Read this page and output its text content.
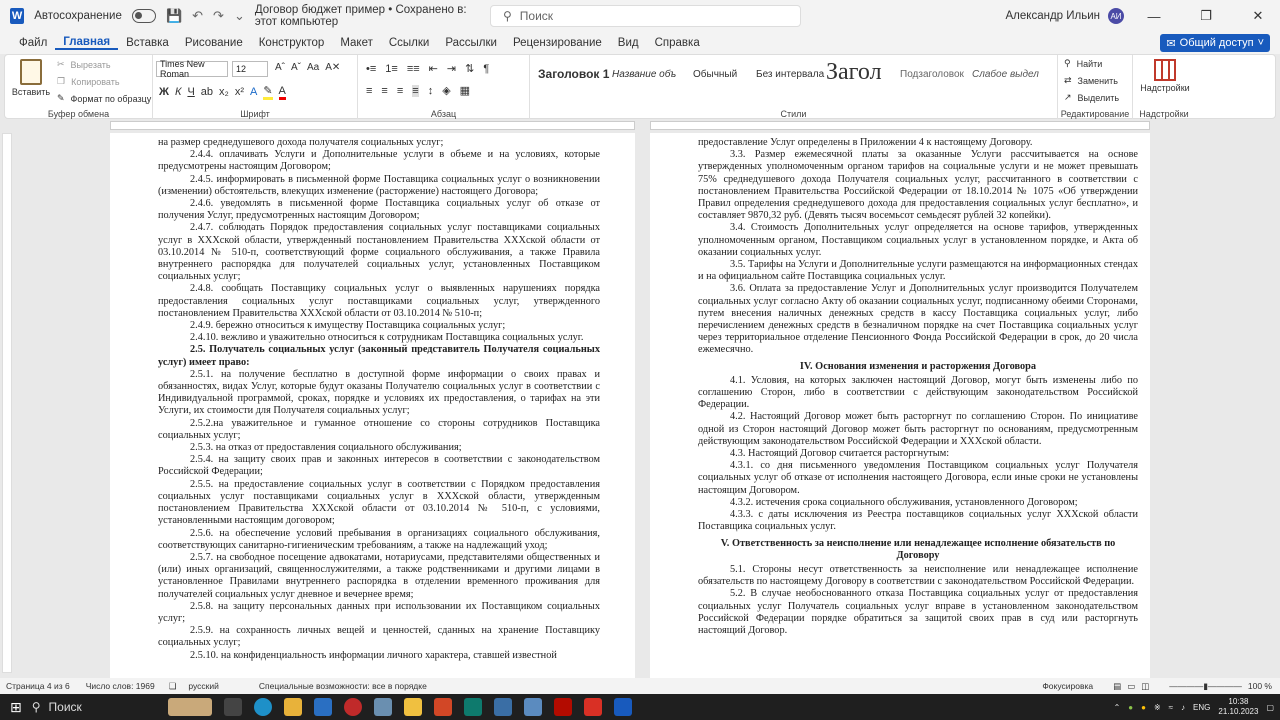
W Автосохранение	💾 ↶ ↷ ⌄ Договор бюджет пример • Сохранено в: этот компьютер	⚲ Поиск	Александр Ильин	АИ	—	❐	✕
Файл	Главная	Вставка	Рисование	Конструктор	Макет	Ссылки	Рассылки	Рецензирование	Вид	Справка	✉ Общий доступ ˅
Вставить
✂ Вырезать
❐ Копировать
✎ Формат по образцу
Буфер обмена
Times New Roman	12	Aˆ Aˇ Aa A✕
Ж К Ч ab x₂ x² A ✎ A
Шрифт
•≡ 1≡ ≡≡ ⇤ ⇥ ⇅ ¶
≡ ≡ ≡ ≡ ↕ ◈ ▦
Абзац
Заголовок 1 Название объ Обычный Без интервала Загол Подзаголовок Слабое выдел
Стили
⚲ Найти
⇄ Заменить
↗ Выделить
Редактирование
Надстройки
Надстройки

на размер среднедушевого дохода получателя социальных услуг;

2.4.4. оплачивать Услуги и Дополнительные услуги в объеме и на условиях, которые предусмотрены настоящим Договором;

2.4.5. информировать в письменной форме Поставщика социальных услуг о возникновении (изменении) обстоятельств, влекущих изменение (расторжение) настоящего Договора;

2.4.6. уведомлять в письменной форме Поставщика социальных услуг об отказе от получения Услуг, предусмотренных настоящим Договором;

2.4.7. соблюдать Порядок предоставления социальных услуг поставщиками социальных услуг в ХХХской области, утвержденный постановлением Правительства ХХХской области от 03.10.2014 № 510-п, соответствующий форме социального обслуживания, а также Правила внутреннего распорядка для получателей социальных услуг, установленных Поставщиком социальных услуг;

2.4.8. сообщать Поставщику социальных услуг о выявленных нарушениях порядка предоставления социальных услуг поставщиками социальных услуг, утвержденного постановлением Правительства ХХХской области от 03.10.2014 № 510-п;

2.4.9. бережно относиться к имуществу Поставщика социальных услуг;

2.4.10. вежливо и уважительно относиться к сотрудникам Поставщика социальных услуг.

2.5. Получатель социальных услуг (законный представитель Получателя социальных услуг) имеет право:

2.5.1. на получение бесплатно в доступной форме информации о своих правах и обязанностях, видах Услуг, которые будут оказаны Получателю социальных услуг в соответствии с Индивидуальной программой, сроках, порядке и условиях их предоставления, о тарифах на эти Услуги, их стоимости для Получателя социальных услуг;

2.5.2.на уважительное и гуманное отношение со стороны сотрудников Поставщика социальных услуг;

2.5.3. на отказ от предоставления социального обслуживания;

2.5.4. на защиту своих прав и законных интересов в соответствии с законодательством Российской Федерации;

2.5.5. на предоставление социальных услуг в соответствии с Порядком предоставления социальных услуг поставщиками социальных услуг в ХХХской области, утвержденным постановлением Правительства ХХХской области от 03.10.2014 № 510-п, с условиями, установленными настоящим договором;

2.5.6. на обеспечение условий пребывания в организациях социального обслуживания, соответствующих санитарно-гигиеническим требованиям, а также на надлежащий уход;

2.5.7. на свободное посещение адвокатами, нотариусами, представителями общественных и (или) иных организаций, священнослужителями, а также родственниками и другими лицами в установленное Правилами внутреннего распорядка в отделении временного проживания для получателей социальных услуг дневное и вечернее время;

2.5.8. на защиту персональных данных при использовании их Поставщиком социальных услуг;

2.5.9. на сохранность личных вещей и ценностей, сданных на хранение Поставщику социальных услуг;

2.5.10. на конфиденциальность информации личного характера, ставшей известной

предоставление Услуг определены в Приложении 4 к настоящему Договору.

3.3. Размер ежемесячной платы за оказанные Услуги рассчитывается на основе утвержденных уполномоченным органом тарифов на социальные услуги и не может превышать 75% среднедушевого дохода Получателя социальных услуг, рассчитанного в соответствии с постановлением Правительства Российской Федерации от 18.10.2014 № 1075 «Об утверждении Правил определения среднедушевого дохода для предоставления социальных услуг бесплатно», и составляет 9870,32 руб. (Девять тысяч восемьсот семьдесят рублей 32 копейки).

3.4. Стоимость Дополнительных услуг определяется на основе тарифов, утвержденных уполномоченным органом, Поставщиком социальных услуг в установленном порядке, и Акта об оказании социальных услуг.

3.5. Тарифы на Услуги и Дополнительные услуги размещаются на информационных стендах и на официальном сайте Поставщика социальных услуг.

3.6. Оплата за предоставление Услуг и Дополнительных услуг производится Получателем социальных услуг согласно Акту об оказании социальных услуг, подписанному обеими Сторонами, путем внесения наличных денежных средств в кассу Поставщика социальных услуг, либо перечислением денежных средств в безналичном порядке на счет Поставщика социальных услуг через территориальное отделение Пенсионного Фонда Российской Федерации в срок, до 20 числа ежемесячно.

IV. Основания изменения и расторжения Договора

4.1. Условия, на которых заключен настоящий Договор, могут быть изменены либо по соглашению Сторон, либо в соответствии с действующим законодательством Российской Федерации.

4.2. Настоящий Договор может быть расторгнут по соглашению Сторон. По инициативе одной из Сторон настоящий Договор может быть расторгнут по основаниям, предусмотренным действующим законодательством Российской Федерации и ХХХской области.

4.3. Настоящий Договор считается расторгнутым:

4.3.1. со дня письменного уведомления Поставщиком социальных услуг Получателя социальных услуг об отказе от исполнения настоящего Договора, если иные сроки не установлены настоящим Договором.

4.3.2. истечения срока социального обслуживания, установленного Договором;

4.3.3. с даты исключения из Реестра поставщиков социальных услуг ХХХской области Поставщика социальных услуг.

V. Ответственность за неисполнение или ненадлежащее исполнение обязательств по Договору

5.1. Стороны несут ответственность за неисполнение или ненадлежащее исполнение обязательств по настоящему Договору в соответствии с законодательством Российской Федерации.

5.2. В случае необоснованного отказа Поставщика социальных услуг от предоставления социальных услуг Получатель социальных услуг вправе в установленном законодательством Российской Федерации порядке обратиться за защитой своих прав в суд или расторгнуть настоящий Договор.

Страница 4 из 6 Число слов: 1969 ❏ русский	Специальные возможности: все в порядке	Фокусировка ▤ ▭ ◫ ————▮———— 100 %
⊞ ⚲ Поиск	⌃ ● ● ※ ≈ ♪ ENG
10:38
21.10.2023 ▢
